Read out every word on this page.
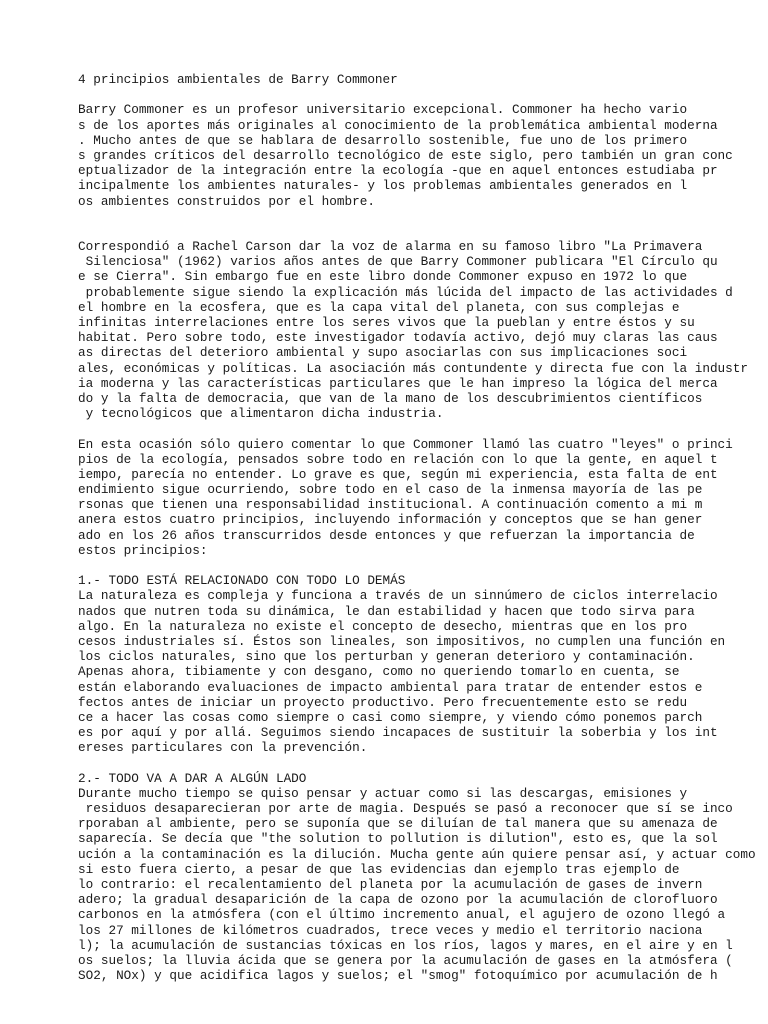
4 principios ambientales de Barry Commoner
Barry Commoner es un profesor universitario excepcional. Commoner ha hecho vario
s de los aportes más originales al conocimiento de la problemática ambiental moderna
. Mucho antes de que se hablara de desarrollo sostenible, fue uno de los primero
s grandes críticos del desarrollo tecnológico de este siglo, pero también un gran conc
eptualizador de la integración entre la ecología -que en aquel entonces estudiaba pr
incipalmente los ambientes naturales- y los problemas ambientales generados en l
os ambientes construidos por el hombre.
Correspondió a Rachel Carson dar la voz de alarma en su famoso libro "La Primavera
Silenciosa" (1962) varios años antes de que Barry Commoner publicara "El Círculo qu
e se Cierra". Sin embargo fue en este libro donde Commoner expuso en 1972 lo que
probablemente sigue siendo la explicación más lúcida del impacto de las actividades d
el hombre en la ecosfera, que es la capa vital del planeta, con sus complejas e
infinitas interrelaciones entre los seres vivos que la pueblan y entre éstos y su
habitat. Pero sobre todo, este investigador todavía activo, dejó muy claras las caus
as directas del deterioro ambiental y supo asociarlas con sus implicaciones soci
ales, económicas y políticas. La asociación más contundente y directa fue con la industr
ia moderna y las características particulares que le han impreso la lógica del merca
do y la falta de democracia, que van de la mano de los descubrimientos científicos
y tecnológicos que alimentaron dicha industria.
En esta ocasión sólo quiero comentar lo que Commoner llamó las cuatro "leyes" o princi
pios de la ecología, pensados sobre todo en relación con lo que la gente, en aquel t
iempo, parecía no entender. Lo grave es que, según mi experiencia, esta falta de ent
endimiento sigue ocurriendo, sobre todo en el caso de la inmensa mayoría de las pe
rsonas que tienen una responsabilidad institucional. A continuación comento a mi m
anera estos cuatro principios, incluyendo información y conceptos que se han gener
ado en los 26 años transcurridos desde entonces y que refuerzan la importancia de
estos principios:
1.- TODO ESTÁ RELACIONADO CON TODO LO DEMÁS
La naturaleza es compleja y funciona a través de un sinnúmero de ciclos interrelacio
nados que nutren toda su dinámica, le dan estabilidad y hacen que todo sirva para
algo. En la naturaleza no existe el concepto de desecho, mientras que en los pro
cesos industriales sí. Éstos son lineales, son impositivos, no cumplen una función en
los ciclos naturales, sino que los perturban y generan deterioro y contaminación.
Apenas ahora, tibiamente y con desgano, como no queriendo tomarlo en cuenta, se
están elaborando evaluaciones de impacto ambiental para tratar de entender estos e
fectos antes de iniciar un proyecto productivo. Pero frecuentemente esto se redu
ce a hacer las cosas como siempre o casi como siempre, y viendo cómo ponemos parch
es por aquí y por allá. Seguimos siendo incapaces de sustituir la soberbia y los int
ereses particulares con la prevención.
2.- TODO VA A DAR A ALGÚN LADO
Durante mucho tiempo se quiso pensar y actuar como si las descargas, emisiones y
residuos desaparecieran por arte de magia. Después se pasó a reconocer que sí se inco
rporaban al ambiente, pero se suponía que se diluían de tal manera que su amenaza de
saparecía. Se decía que "the solution to pollution is dilution", esto es, que la sol
ución a la contaminación es la dilución. Mucha gente aún quiere pensar así, y actuar como
si esto fuera cierto, a pesar de que las evidencias dan ejemplo tras ejemplo de
lo contrario: el recalentamiento del planeta por la acumulación de gases de invern
adero; la gradual desaparición de la capa de ozono por la acumulación de clorofluoro
carbonos en la atmósfera (con el último incremento anual, el agujero de ozono llegó a
los 27 millones de kilómetros cuadrados, trece veces y medio el territorio naciona
l); la acumulación de sustancias tóxicas en los ríos, lagos y mares, en el aire y en l
os suelos; la lluvia ácida que se genera por la acumulación de gases en la atmósfera (
SO2, NOx) y que acidifica lagos y suelos; el "smog" fotoquímico por acumulación de h
